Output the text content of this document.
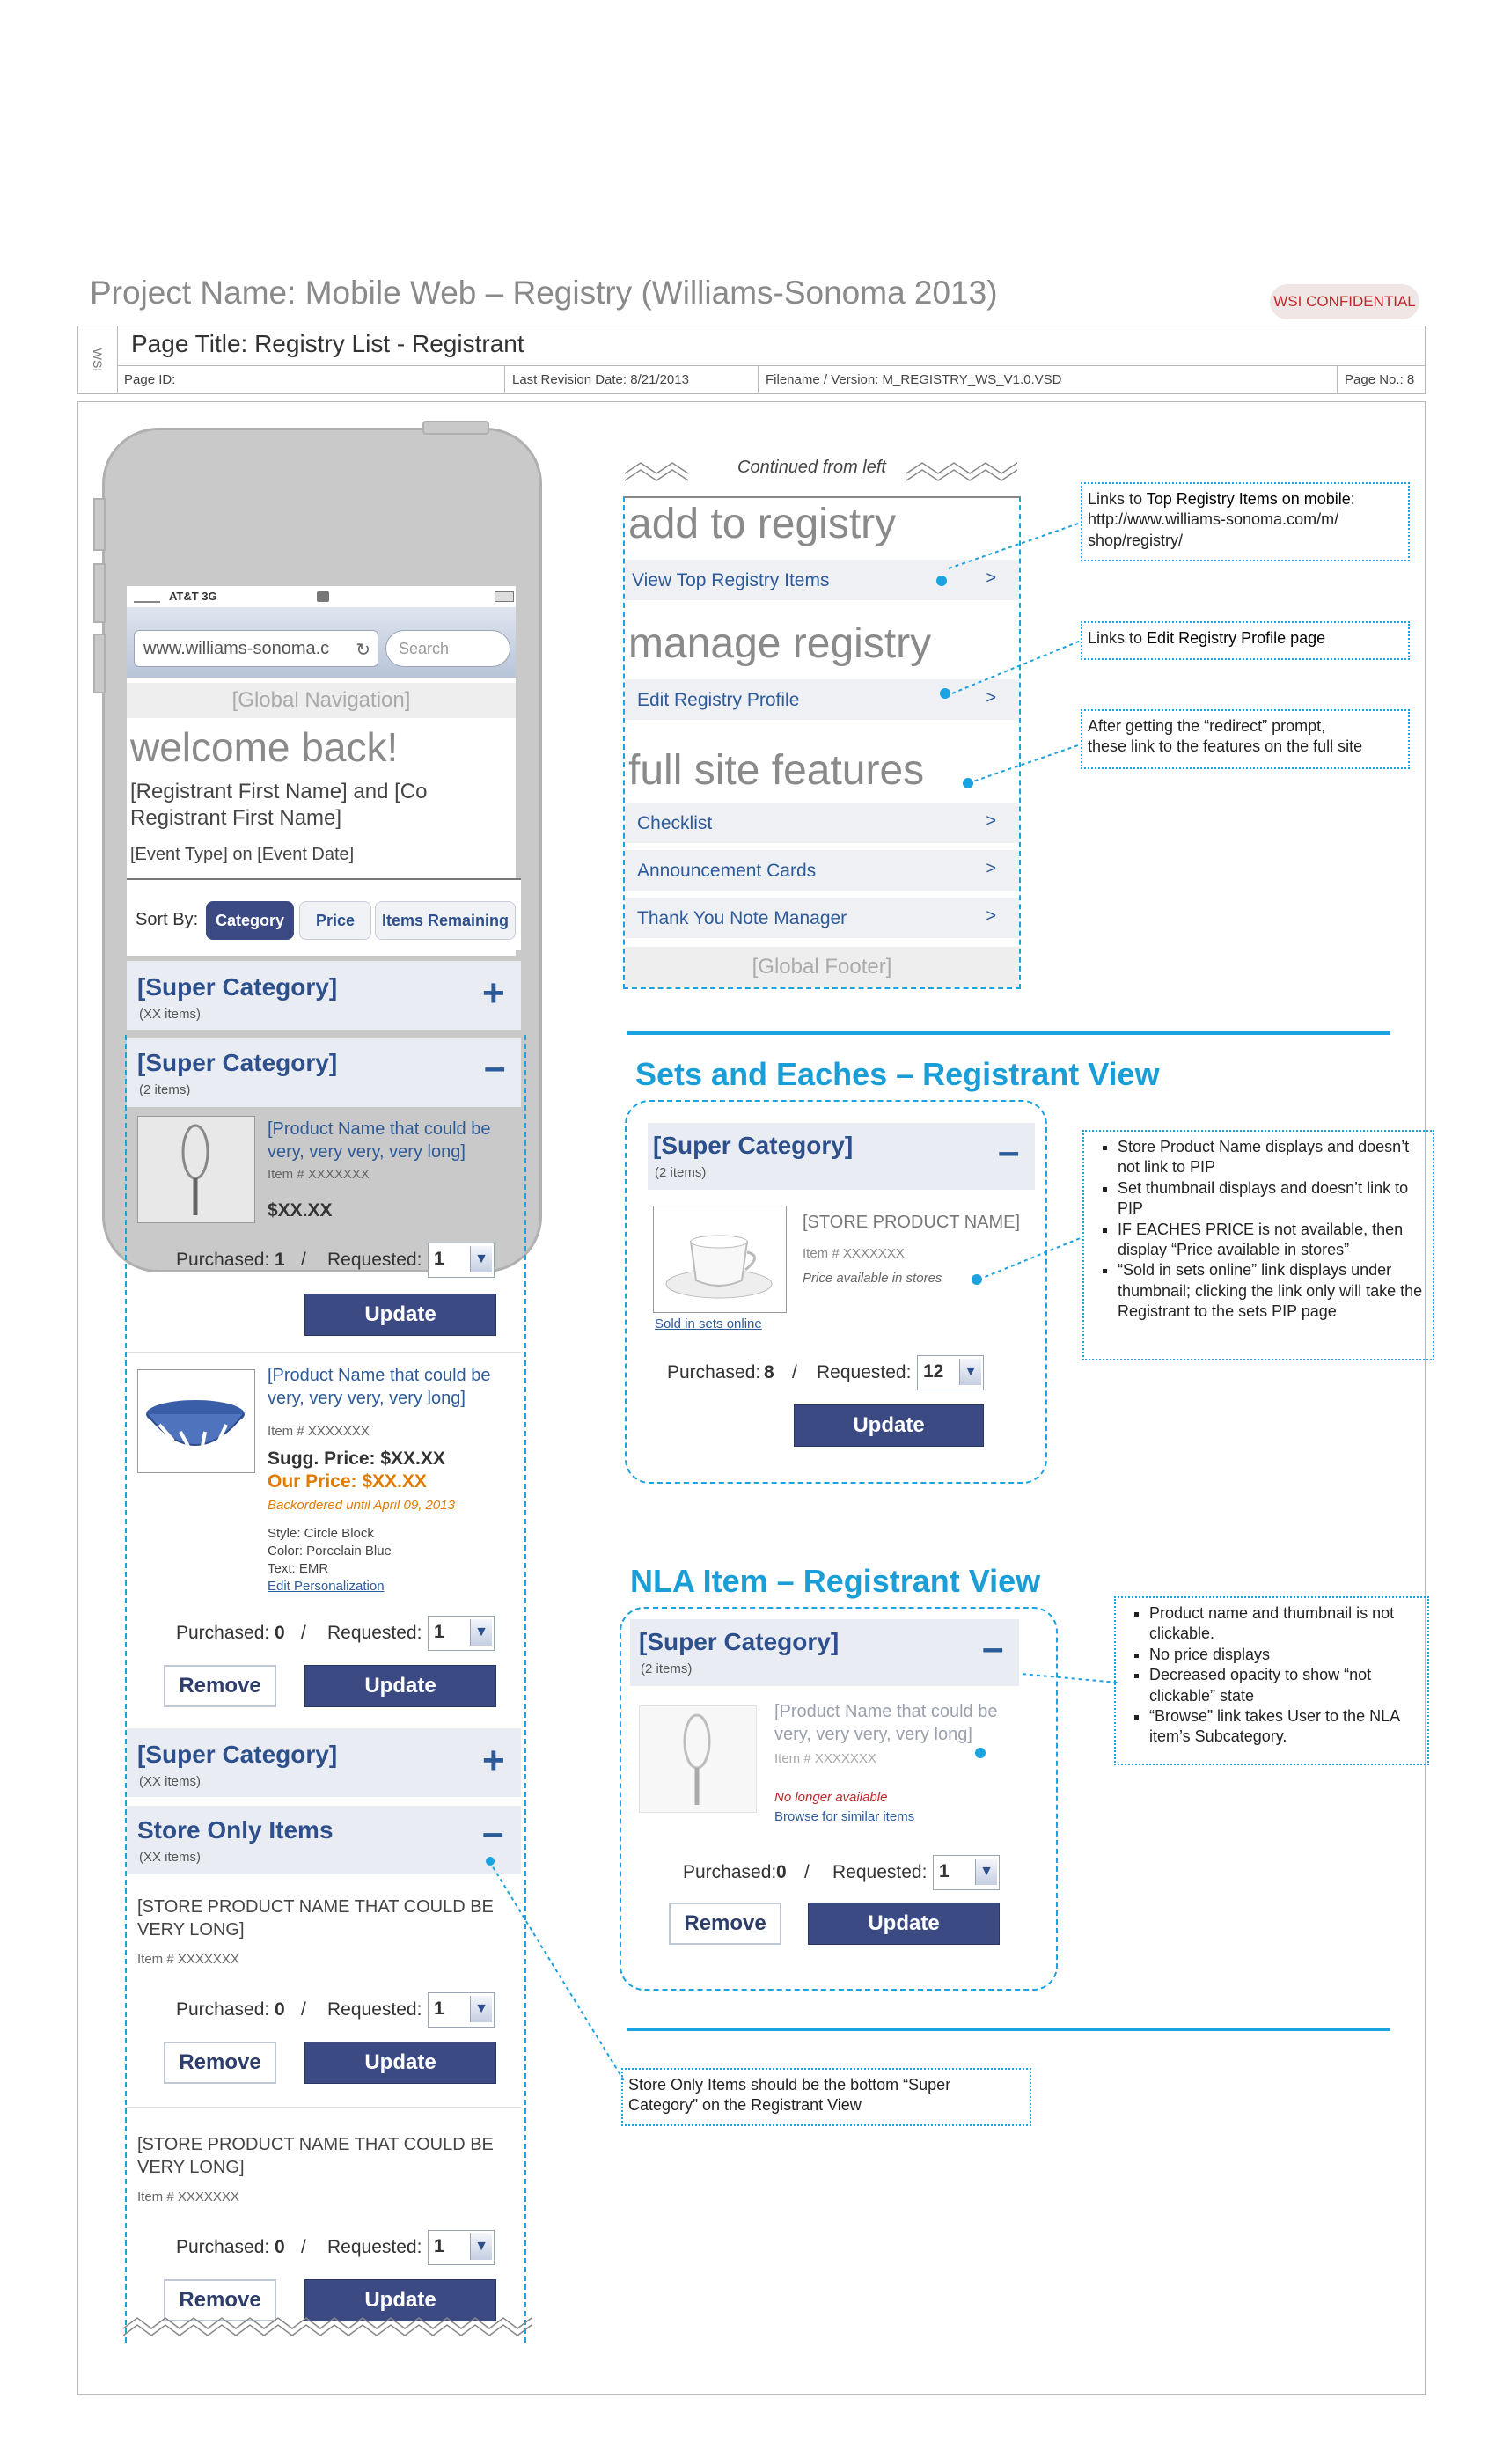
Project Name: Mobile Web – Registry (Williams-Sonoma 2013)	WSI CONFIDENTIAL
WSI
Page Title: Registry List - Registrant
Page ID:	Last Revision Date: 8/21/2013	Filename / Version: M_REGISTRY_WS_V1.0.VSD	Page No.: 8
AT&T 3G
www.williams-sonoma.c ↻	Search
[Global Navigation]
welcome back!
[Registrant First Name] and [Co
Registrant First Name]
[Event Type] on [Event Date]
Sort By:	Category	Price	Items Remaining
[Super Category]
(XX items)	+
[Super Category]
(2 items)
–
[Product Name that could be
very, very very, very long]
Item # XXXXXXX
$XX.XX
Purchased: 1 / Requested: 1	▼
Update
[Product Name that could be
very, very very, very long]
Item # XXXXXXX
Sugg. Price: $XX.XX
Our Price: $XX.XX
Backordered until April 09, 2013
Style: Circle Block
Color: Porcelain Blue
Text: EMR
Edit Personalization
Purchased: 0 / Requested: 1	▼
Remove	Update
[Super Category]
(XX items)	+
Store Only Items
(XX items)
–
[STORE PRODUCT NAME THAT COULD BE
VERY LONG]
Item # XXXXXXX
Purchased: 0 / Requested: 1	▼
Remove	Update
[STORE PRODUCT NAME THAT COULD BE
VERY LONG]
Item # XXXXXXX
Purchased: 0 / Requested: 1	▼
Remove	Update
Continued from left
add to registry
View Top Registry Items	>
manage registry
Edit Registry Profile	>
full site features
Checklist	>
Announcement Cards	>
Thank You Note Manager	>
[Global Footer]
Links to Top Registry Items on mobile:
http://www.williams-sonoma.com/m/
shop/registry/
Links to Edit Registry Profile page
After getting the “redirect” prompt,
these link to the features on the full site
Sets and Eaches – Registrant View
[Super Category]
(2 items)	–
Sold in sets online
[STORE PRODUCT NAME]
Item # XXXXXXX
Price available in stores
Purchased: 8 / Requested: 12	▼
Update
▪ Store Product Name displays and doesn’t not link to PIP
▪ Set thumbnail displays and doesn’t link to PIP
▪ IF EACHES PRICE is not available, then display “Price available in stores”
▪ “Sold in sets online” link displays under thumbnail; clicking the link only will take the Registrant to the sets PIP page
NLA Item – Registrant View
[Super Category]
(2 items)	–
[Product Name that could be
very, very very, very long]
Item # XXXXXXX
No longer available
Browse for similar items
Purchased: 0 / Requested: 1	▼
Remove	Update
▪ Product name and thumbnail is not clickable.
▪ No price displays
▪ Decreased opacity to show “not clickable” state
▪ “Browse” link takes User to the NLA item’s Subcategory.
Store Only Items should be the bottom “Super
Category” on the Registrant View
